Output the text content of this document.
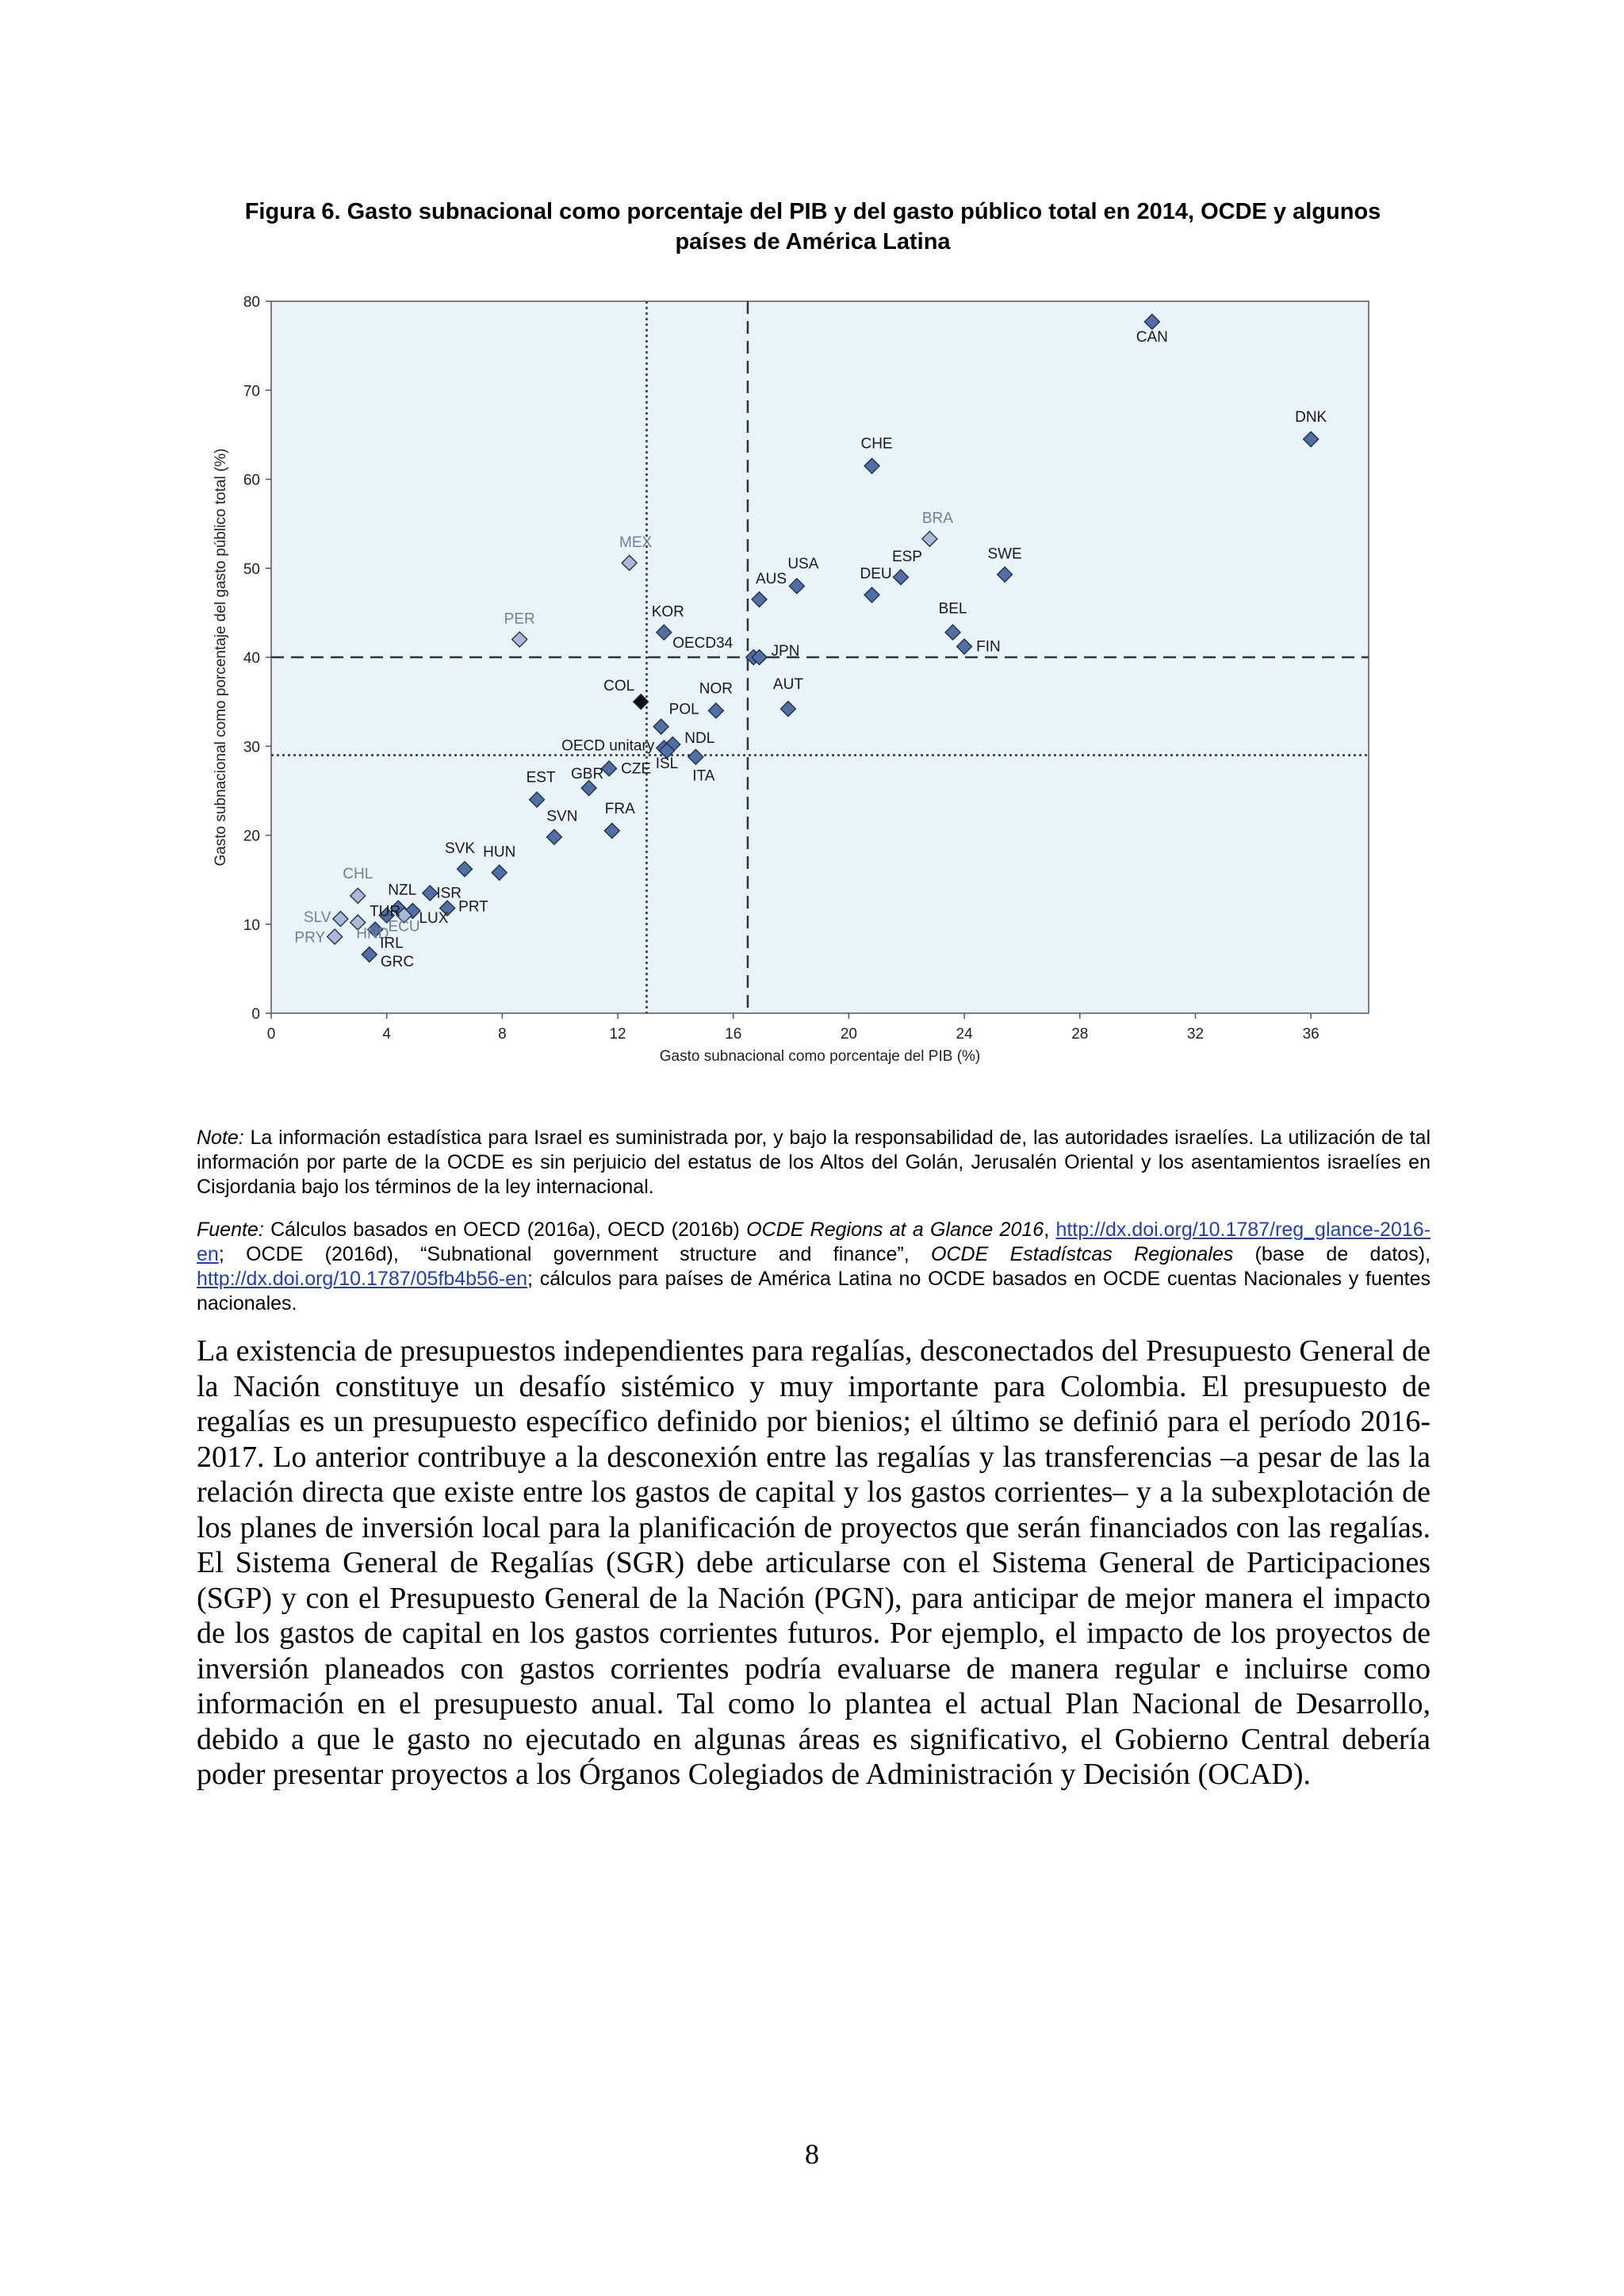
Figura 6. Gasto subnacional como porcentaje del PIB y del gasto público total en 2014, OCDE y algunos
países de América Latina
0	4	8	12	16	20	24	28	32	36
0
10
20
30
40
50
60
70
80
CAN
DNK
CHE
BRA
SWE
ESP
DEU
USA
AUS
MEX
KOR
PER
BEL
FIN
OECD34	JPN
COL	NOR	AUT
POL
OECD unitary NDL
ISL
ITA
CZE
GBR
EST
FRA
SVN
SVK HUN
CHL
ISR
PRT
NZL
LUX
TUR
ECU
SLV
HND
IRL
PRY
GRC
Gasto subnacional como porcentaje del PIB (%)
Gasto subnacional como porcentaje del gasto público total (%)
Note: La información estadística para Israel es suministrada por, y bajo la responsabilidad de, las autoridades israelíes. La utilización de tal información por parte de la OCDE es sin perjuicio del estatus de los Altos del Golán, Jerusalén Oriental y los asentamientos israelíes en Cisjordania bajo los términos de la ley internacional.
Fuente: Cálculos basados en OECD (2016a), OECD (2016b) OCDE Regions at a Glance 2016, http://dx.doi.org/10.1787/reg_glance-2016-en; OCDE (2016d), “Subnational government structure and finance”, OCDE Estadístcas Regionales (base de datos), http://dx.doi.org/10.1787/05fb4b56-en; cálculos para países de América Latina no OCDE basados en OCDE cuentas Nacionales y fuentes nacionales.
La existencia de presupuestos independientes para regalías, desconectados del Presupuesto General de la Nación constituye un desafío sistémico y muy importante para Colombia. El presupuesto de regalías es un presupuesto específico definido por bienios; el último se definió para el período 2016-2017. Lo anterior contribuye a la desconexión entre las regalías y las transferencias –a pesar de las la relación directa que existe entre los gastos de capital y los gastos corrientes– y a la subexplotación de los planes de inversión local para la planificación de proyectos que serán financiados con las regalías. El Sistema General de Regalías (SGR) debe articularse con el Sistema General de Participaciones (SGP) y con el Presupuesto General de la Nación (PGN), para anticipar de mejor manera el impacto de los gastos de capital en los gastos corrientes futuros. Por ejemplo, el impacto de los proyectos de inversión planeados con gastos corrientes podría evaluarse de manera regular e incluirse como información en el presupuesto anual. Tal como lo plantea el actual Plan Nacional de Desarrollo, debido a que le gasto no ejecutado en algunas áreas es significativo, el Gobierno Central debería poder presentar proyectos a los Órganos Colegiados de Administración y Decisión (OCAD).
8
